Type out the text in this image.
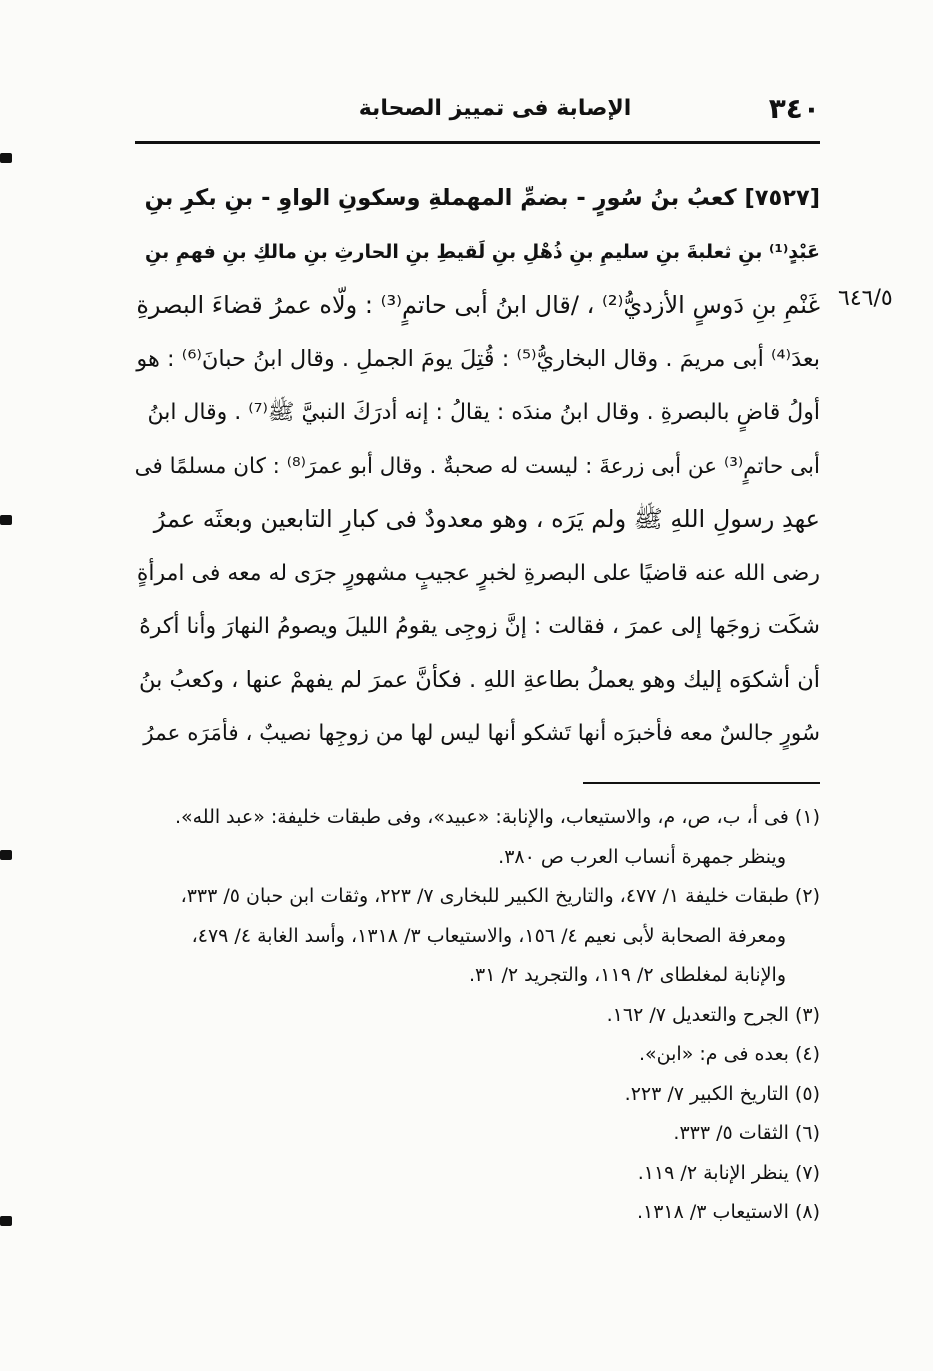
٣٤٠
الإصابة فى تمييز الصحابة
٦٤٦/٥
[٧٥٢٧] كعبُ بنُ سُورٍ - بضمِّ المهملةِ وسكونِ الواوِ - بنِ بكرِ بنِ
عَبْدٍ⁽¹⁾ بنِ ثعلبةَ بنِ سليمِ بنِ ذُهْلِ بنِ لَقيطِ بنِ الحارثِ بنِ مالكِ بنِ فهمِ بنِ
غَنْمِ بنِ دَوسٍ الأزديُّ⁽²⁾ ، /قال ابنُ أبى حاتمٍ⁽³⁾ : ولّاه عمرُ قضاءَ البصرةِ
بعدَ⁽⁴⁾ أبى مريمَ . وقال البخاريُّ⁽⁵⁾ : قُتِلَ يومَ الجملِ . وقال ابنُ حبانَ⁽⁶⁾ : هو
أولُ قاضٍ بالبصرةِ . وقال ابنُ مندَه : يقالُ : إنه أدرَكَ النبيَّ ﷺ⁽⁷⁾ . وقال ابنُ
أبى حاتمٍ⁽³⁾ عن أبى زرعةَ : ليست له صحبةٌ . وقال أبو عمرَ⁽⁸⁾ : كان مسلمًا فى
عهدِ رسولِ اللهِ ﷺ ولم يَرَه ، وهو معدودٌ فى كبارِ التابعين وبعثَه عمرُ
رضى الله عنه قاضيًا على البصرةِ لخبرٍ عجيبٍ مشهورٍ جرَى له معه فى امرأةٍ
شكَت زوجَها إلى عمرَ ، فقالت : إنَّ زوجِى يقومُ الليلَ ويصومُ النهارَ وأنا أكرهُ
أن أشكوَه إليك وهو يعملُ بطاعةِ اللهِ . فكأنَّ عمرَ لم يفهمْ عنها ، وكعبُ بنُ
سُورٍ جالسٌ معه فأخبرَه أنها تَشكو أنها ليس لها من زوجِها نصيبٌ ، فأمَرَه عمرُ
(١) فى أ، ب، ص، م، والاستيعاب، والإنابة: «عبيد»، وفى طبقات خليفة: «عبد الله».
وينظر جمهرة أنساب العرب ص ٣٨٠.
(٢) طبقات خليفة ١/ ٤٧٧، والتاريخ الكبير للبخارى ٧/ ٢٢٣، وثقات ابن حبان ٥/ ٣٣٣،
ومعرفة الصحابة لأبى نعيم ٤/ ١٥٦، والاستيعاب ٣/ ١٣١٨، وأسد الغابة ٤/ ٤٧٩،
والإنابة لمغلطاى ٢/ ١١٩، والتجريد ٢/ ٣١.
(٣) الجرح والتعديل ٧/ ١٦٢.
(٤) بعده فى م: «ابن».
(٥) التاريخ الكبير ٧/ ٢٢٣.
(٦) الثقات ٥/ ٣٣٣.
(٧) ينظر الإنابة ٢/ ١١٩.
(٨) الاستيعاب ٣/ ١٣١٨.
